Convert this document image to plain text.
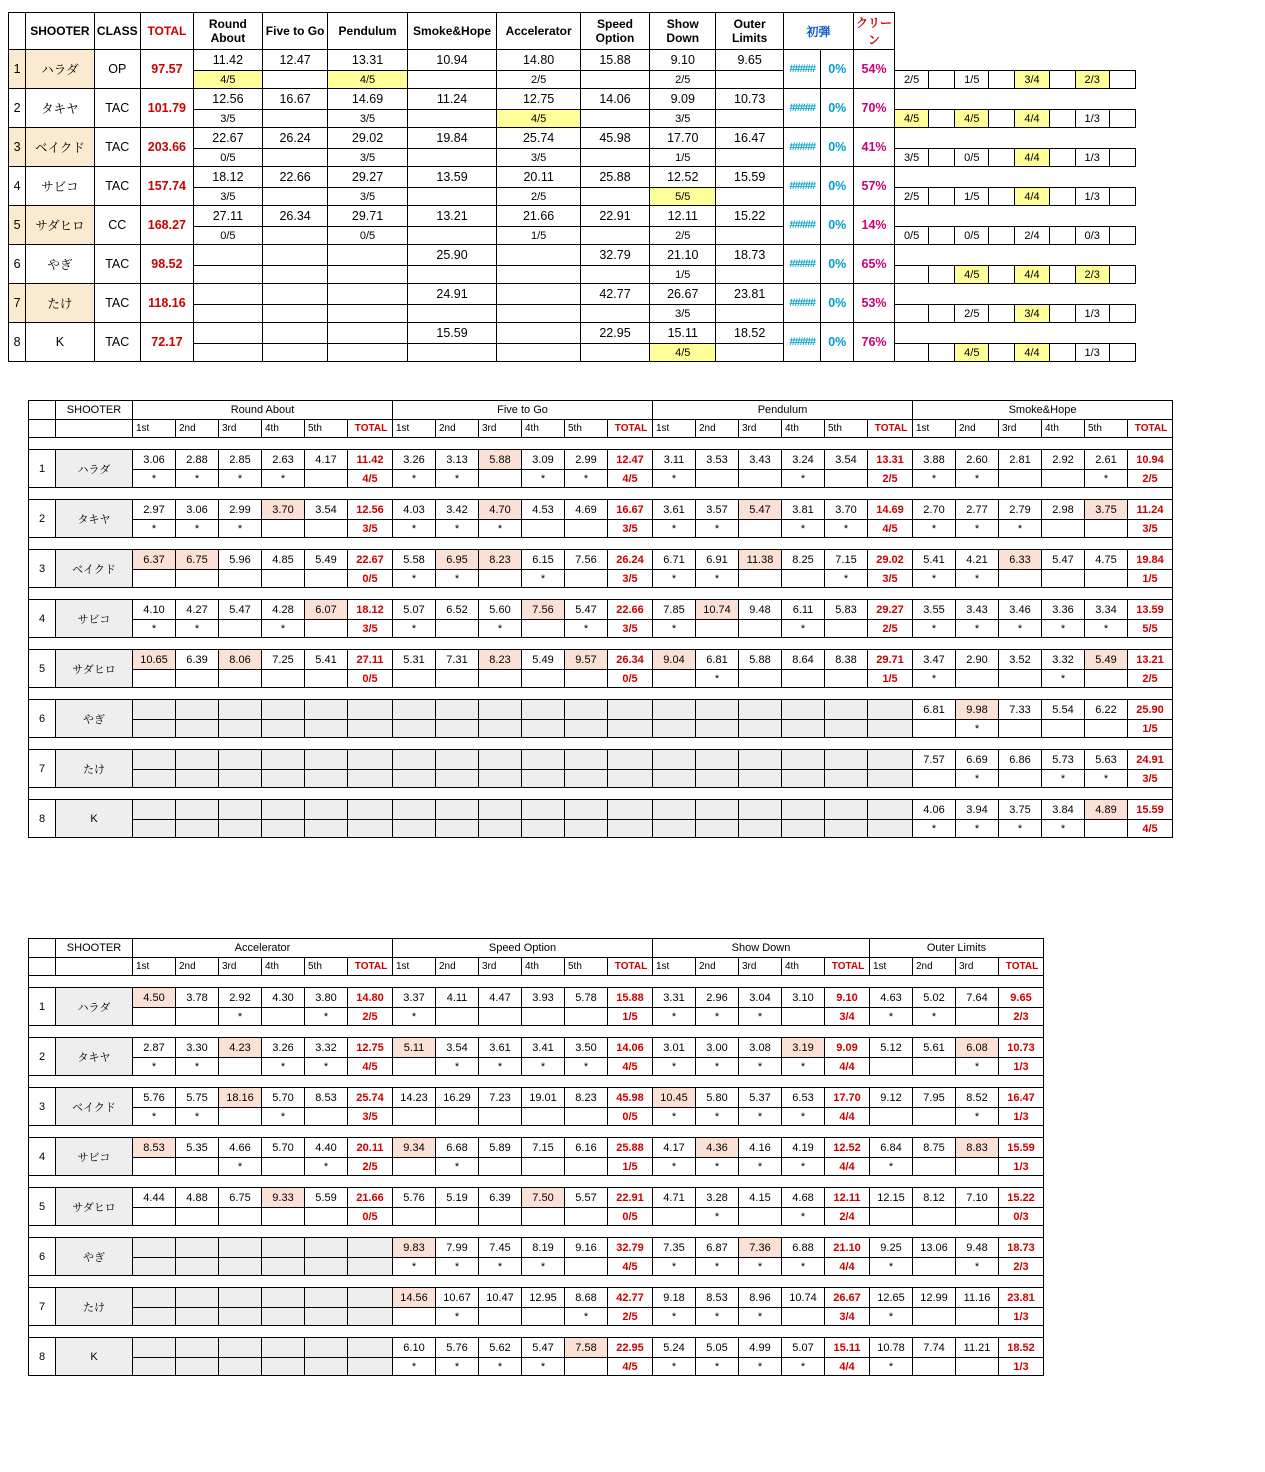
	SHOOTER	CLASS	TOTAL	Round About	Five to Go	Pendulum	Smoke&Hope	Accelerator	Speed Option	Show Down	Outer Limits	初弾		クリーン								
1	ハラダ	OP	97.57	11.42	12.47	13.31	10.94	14.80	15.88	9.10	9.65	#####	0%	54%								
				4/5		4/5		2/5		2/5					2/5		1/5		3/4		2/3	
2	タキヤ	TAC	101.79	12.56	16.67	14.69	11.24	12.75	14.06	9.09	10.73	#####	0%	70%								
				3/5		3/5		4/5		3/5					4/5		4/5		4/4		1/3	
3	ベイクド	TAC	203.66	22.67	26.24	29.02	19.84	25.74	45.98	17.70	16.47	#####	0%	41%								
				0/5		3/5		3/5		1/5					3/5		0/5		4/4		1/3	
4	サビコ	TAC	157.74	18.12	22.66	29.27	13.59	20.11	25.88	12.52	15.59	#####	0%	57%								
				3/5		3/5		2/5		5/5					2/5		1/5		4/4		1/3	
5	サダヒロ	CC	168.27	27.11	26.34	29.71	13.21	21.66	22.91	12.11	15.22	#####	0%	14%								
				0/5		0/5		1/5		2/5					0/5		0/5		2/4		0/3	
6	やぎ	TAC	98.52				25.90		32.79	21.10	18.73	#####	0%	65%								
										1/5							4/5		4/4		2/3	
7	たけ	TAC	118.16				24.91		42.77	26.67	23.81	#####	0%	53%								
										3/5							2/5		3/4		1/3	
8	K	TAC	72.17				15.59		22.95	15.11	18.52	#####	0%	76%								
										4/5							4/5		4/4		1/3	
	SHOOTER	Round About						Five to Go						Pendulum						Smoke&Hope					
		1st	2nd	3rd	4th	5th	TOTAL	1st	2nd	3rd	4th	5th	TOTAL	1st	2nd	3rd	4th	5th	TOTAL	1st	2nd	3rd	4th	5th	TOTAL

1	ハラダ	3.06	2.88	2.85	2.63	4.17	11.42	3.26	3.13	5.88	3.09	2.99	12.47	3.11	3.53	3.43	3.24	3.54	13.31	3.88	2.60	2.81	2.92	2.61	10.94
		*	*	*	*		4/5	*	*		*	*	4/5	*			*		2/5	*	*			*	2/5

2	タキヤ	2.97	3.06	2.99	3.70	3.54	12.56	4.03	3.42	4.70	4.53	4.69	16.67	3.61	3.57	5.47	3.81	3.70	14.69	2.70	2.77	2.79	2.98	3.75	11.24
		*	*	*			3/5	*	*	*			3/5	*	*		*	*	4/5	*	*	*			3/5

3	ベイクド	6.37	6.75	5.96	4.85	5.49	22.67	5.58	6.95	8.23	6.15	7.56	26.24	6.71	6.91	11.38	8.25	7.15	29.02	5.41	4.21	6.33	5.47	4.75	19.84
							0/5	*	*		*		3/5	*	*			*	3/5	*	*				1/5

4	サビコ	4.10	4.27	5.47	4.28	6.07	18.12	5.07	6.52	5.60	7.56	5.47	22.66	7.85	10.74	9.48	6.11	5.83	29.27	3.55	3.43	3.46	3.36	3.34	13.59
		*	*		*		3/5	*		*		*	3/5	*			*		2/5	*	*	*	*	*	5/5

5	サダヒロ	10.65	6.39	8.06	7.25	5.41	27.11	5.31	7.31	8.23	5.49	9.57	26.34	9.04	6.81	5.88	8.64	8.38	29.71	3.47	2.90	3.52	3.32	5.49	13.21
							0/5						0/5		*				1/5	*			*		2/5

6	やぎ																			6.81	9.98	7.33	5.54	6.22	25.90
																					*				1/5

7	たけ																			7.57	6.69	6.86	5.73	5.63	24.91
																					*		*	*	3/5

8	K																			4.06	3.94	3.75	3.84	4.89	15.59
																				*	*	*	*		4/5
	SHOOTER	Accelerator						Speed Option						Show Down					Outer Limits			
		1st	2nd	3rd	4th	5th	TOTAL	1st	2nd	3rd	4th	5th	TOTAL	1st	2nd	3rd	4th	TOTAL	1st	2nd	3rd	TOTAL

1	ハラダ	4.50	3.78	2.92	4.30	3.80	14.80	3.37	4.11	4.47	3.93	5.78	15.88	3.31	2.96	3.04	3.10	9.10	4.63	5.02	7.64	9.65
				*		*	2/5	*					1/5	*	*	*		3/4	*	*		2/3

2	タキヤ	2.87	3.30	4.23	3.26	3.32	12.75	5.11	3.54	3.61	3.41	3.50	14.06	3.01	3.00	3.08	3.19	9.09	5.12	5.61	6.08	10.73
		*	*		*	*	4/5		*	*	*	*	4/5	*	*	*	*	4/4			*	1/3

3	ベイクド	5.76	5.75	18.16	5.70	8.53	25.74	14.23	16.29	7.23	19.01	8.23	45.98	10.45	5.80	5.37	6.53	17.70	9.12	7.95	8.52	16.47
		*	*		*		3/5						0/5	*	*	*	*	4/4			*	1/3

4	サビコ	8.53	5.35	4.66	5.70	4.40	20.11	9.34	6.68	5.89	7.15	6.16	25.88	4.17	4.36	4.16	4.19	12.52	6.84	8.75	8.83	15.59
				*		*	2/5		*				1/5	*	*	*	*	4/4	*			1/3

5	サダヒロ	4.44	4.88	6.75	9.33	5.59	21.66	5.76	5.19	6.39	7.50	5.57	22.91	4.71	3.28	4.15	4.68	12.11	12.15	8.12	7.10	15.22
							0/5						0/5		*		*	2/4				0/3

6	やぎ							9.83	7.99	7.45	8.19	9.16	32.79	7.35	6.87	7.36	6.88	21.10	9.25	13.06	9.48	18.73
								*	*	*	*		4/5	*	*	*	*	4/4	*		*	2/3

7	たけ							14.56	10.67	10.47	12.95	8.68	42.77	9.18	8.53	8.96	10.74	26.67	12.65	12.99	11.16	23.81
									*			*	2/5	*	*	*		3/4	*			1/3

8	K							6.10	5.76	5.62	5.47	7.58	22.95	5.24	5.05	4.99	5.07	15.11	10.78	7.74	11.21	18.52
								*	*	*	*		4/5	*	*	*	*	4/4	*			1/3
